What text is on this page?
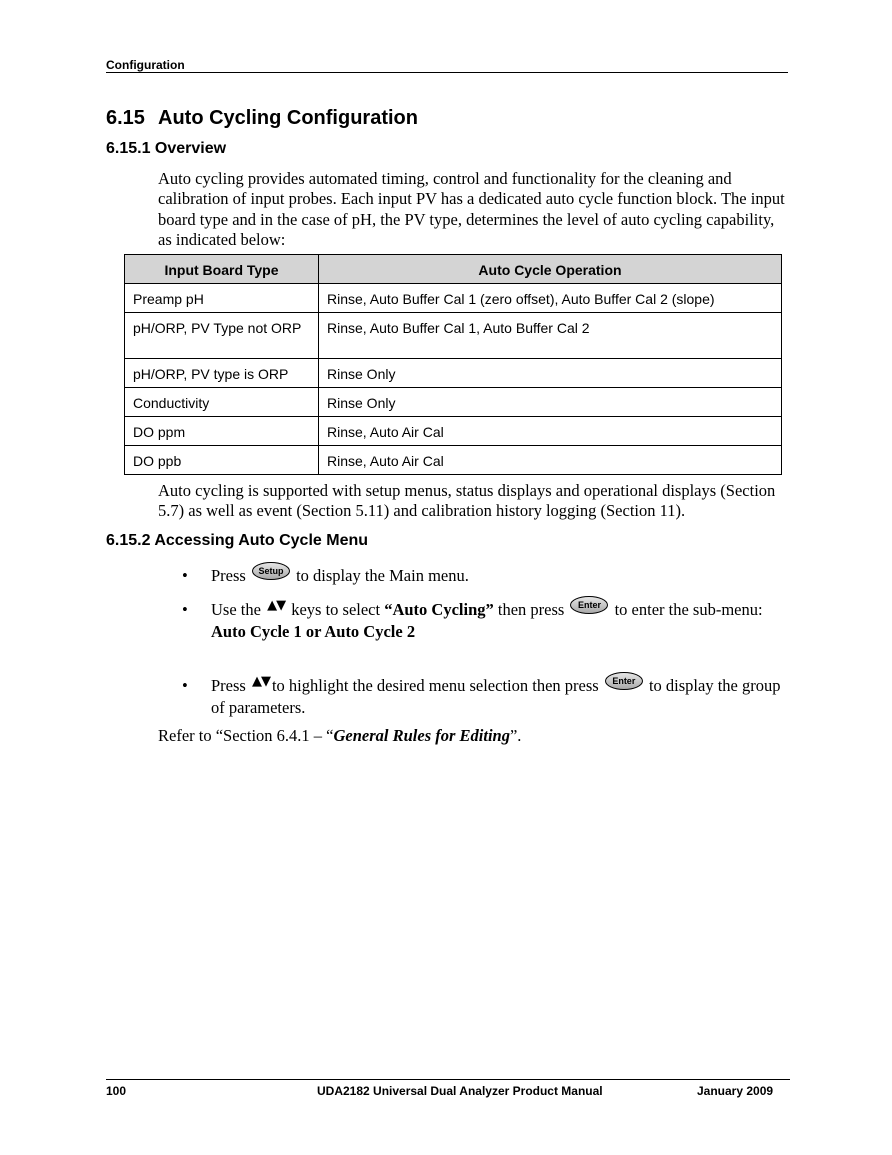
Configuration
6.15 Auto Cycling Configuration
6.15.1 Overview
Auto cycling provides automated timing, control and functionality for the cleaning and calibration of input probes. Each input PV has a dedicated auto cycle function block. The input board type and in the case of pH, the PV type, determines the level of auto cycling capability, as indicated below:
Input Board Type	Auto Cycle Operation
Preamp pH	Rinse, Auto Buffer Cal 1 (zero offset), Auto Buffer Cal 2 (slope)
pH/ORP, PV Type not ORP	Rinse, Auto Buffer Cal 1, Auto Buffer Cal 2
pH/ORP, PV type is ORP	Rinse Only
Conductivity	Rinse Only
DO ppm	Rinse, Auto Air Cal
DO ppb	Rinse, Auto Air Cal
Auto cycling is supported with setup menus, status displays and operational displays (Section 5.7) as well as event (Section 5.11) and calibration history logging (Section 11).
6.15.2 Accessing Auto Cycle Menu
• Press Setup to display the Main menu.
• Use the ▲▼ keys to select “Auto Cycling” then press Enter to enter the sub-menu:
Auto Cycle 1 or Auto Cycle 2
• Press ▲▼ to highlight the desired menu selection then press Enter to display the group of parameters.
Refer to “Section 6.4.1 – “General Rules for Editing”.
100	UDA2182 Universal Dual Analyzer Product Manual	January 2009
